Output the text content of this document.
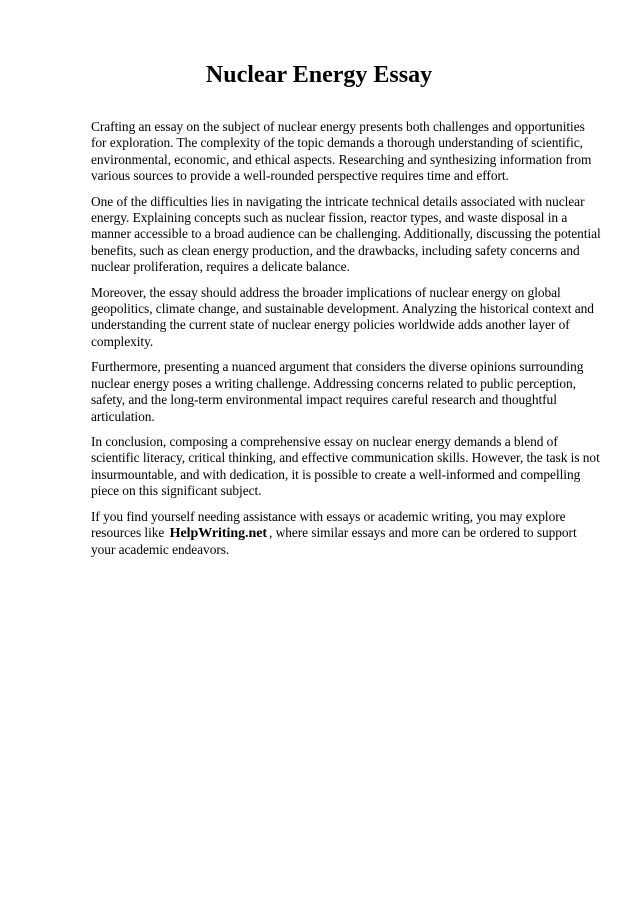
Nuclear Energy Essay

Crafting an essay on the subject of nuclear energy presents both challenges and opportunities for exploration. The complexity of the topic demands a thorough understanding of scientific, environmental, economic, and ethical aspects. Researching and synthesizing information from various sources to provide a well-rounded perspective requires time and effort.

One of the difficulties lies in navigating the intricate technical details associated with nuclear energy. Explaining concepts such as nuclear fission, reactor types, and waste disposal in a manner accessible to a broad audience can be challenging. Additionally, discussing the potential benefits, such as clean energy production, and the drawbacks, including safety concerns and nuclear proliferation, requires a delicate balance.

Moreover, the essay should address the broader implications of nuclear energy on global geopolitics, climate change, and sustainable development. Analyzing the historical context and understanding the current state of nuclear energy policies worldwide adds another layer of complexity.

Furthermore, presenting a nuanced argument that considers the diverse opinions surrounding nuclear energy poses a writing challenge. Addressing concerns related to public perception, safety, and the long-term environmental impact requires careful research and thoughtful articulation.

In conclusion, composing a comprehensive essay on nuclear energy demands a blend of scientific literacy, critical thinking, and effective communication skills. However, the task is not insurmountable, and with dedication, it is possible to create a well-informed and compelling piece on this significant subject.

If you find yourself needing assistance with essays or academic writing, you may explore resources like HelpWriting.net , where similar essays and more can be ordered to support your academic endeavors.
